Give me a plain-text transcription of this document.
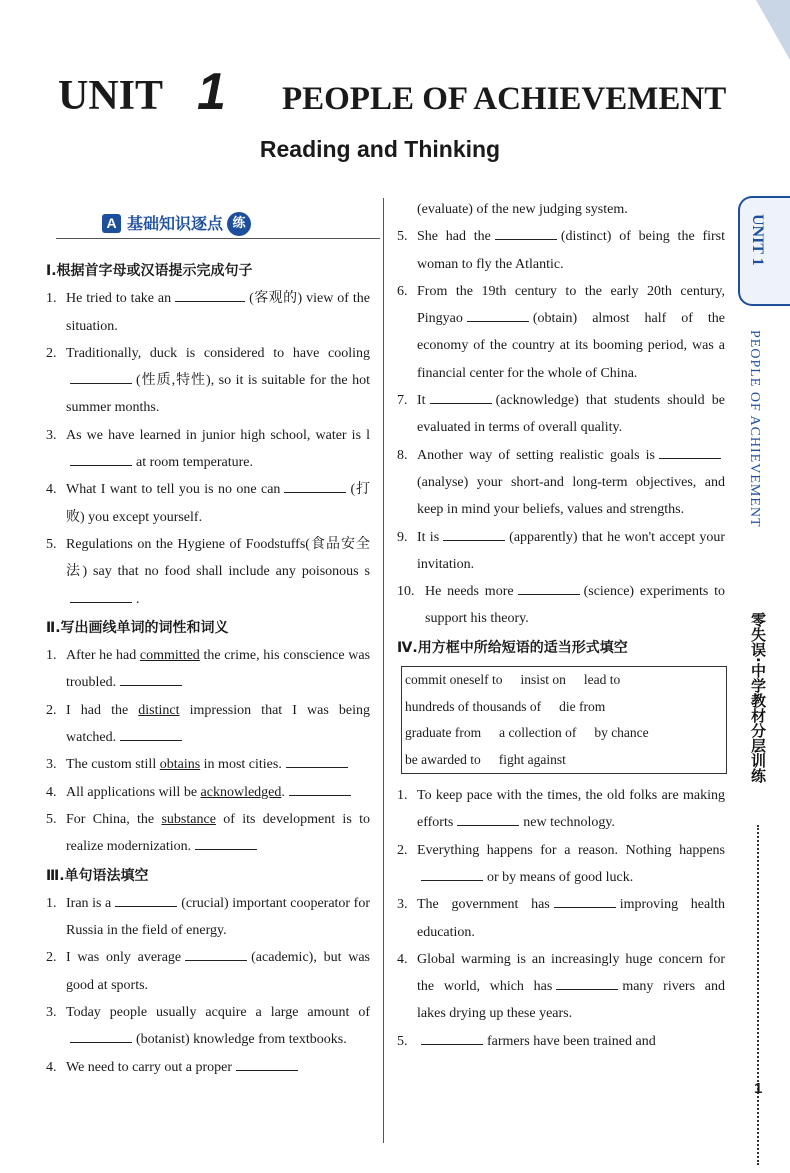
UNIT 1 PEOPLE OF ACHIEVEMENT
Reading and Thinking
A 基础知识逐点 练
Ⅰ.根据首字母或汉语提示完成句子
1. He tried to take an	(客观的) view of the situation.
2. Traditionally, duck is considered to have cooling(性质,特性), so it is suitable for the hot summer months.
3. As we have learned in junior high school, water is lat room temperature.
4. What I want to tell you is no one can	(打败) you except yourself.
5. Regulations on the Hygiene of Foodstuffs(食品安全法) say that no food shall include any poisonous s.
Ⅱ.写出画线单词的词性和词义
1. After he had committed the crime, his conscience was troubled.
2. I had the distinct impression that I was being watched.
3. The custom still obtains in most cities.
4. All applications will be acknowledged.
5. For China, the substance of its development is to realize modernization.
Ⅲ.单句语法填空
1. Iran is a	(crucial) important cooperator for Russia in the field of energy.
2. I was only average	(academic), but was good at sports.
3. Today people usually acquire a large amount of(botanist) knowledge from textbooks.
4. We need to carry out a proper
(evaluate) of the new judging system.
5. She had the	(distinct) of being the first woman to fly the Atlantic.
6. From the 19th century to the early 20th century, Pingyao	(obtain) almost half of the economy of the country at its booming period, was a financial center for the whole of China.
7. It	(acknowledge) that students should be evaluated in terms of overall quality.
8. Another way of setting realistic goals is(analyse) your short-and long-term objectives, and keep in mind your beliefs, values and strengths.
9. It is	(apparently) that he won't accept your invitation.
10. He needs more	(science) experiments to support his theory.
Ⅳ.用方框中所给短语的适当形式填空
commit oneself to insist on lead to
hundreds of thousands of die from
graduate from a collection of by chance
be awarded to fight against
1. To keep pace with the times, the old folks are making efforts	new technology.
2. Everything happens for a reason. Nothing happensor by means of good luck.
3. The government has	improving health education.
4. Global warming is an increasingly huge concern for the world, which has	many rivers and lakes drying up these years.
5.	farmers have been trained and
UNIT 1
PEOPLE OF ACHIEVEMENT
零失误·中学教材分层训练
1
